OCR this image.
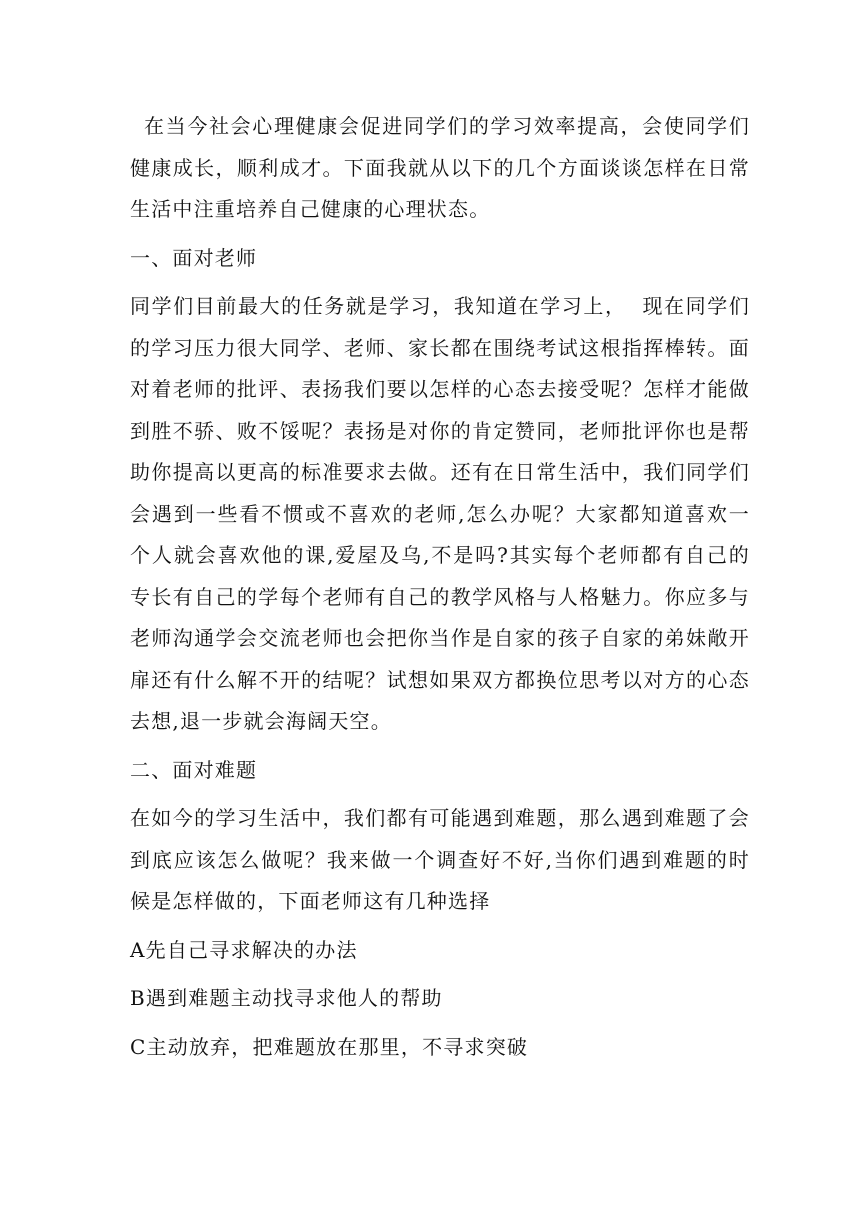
在当今社会心理健康会促进同学们的学习效率提高，会使同学们健康成长，顺利成才。下面我就从以下的几个方面谈谈怎样在日常生活中注重培养自己健康的心理状态。

一、面对老师

同学们目前最大的任务就是学习，我知道在学习上，  现在同学们的学习压力很大同学、老师、家长都在围绕考试这根指挥棒转。面对着老师的批评、表扬我们要以怎样的心态去接受呢？怎样才能做到胜不骄、败不馁呢？表扬是对你的肯定赞同，老师批评你也是帮助你提高以更高的标准要求去做。还有在日常生活中，我们同学们会遇到一些看不惯或不喜欢的老师,怎么办呢？大家都知道喜欢一个人就会喜欢他的课,爱屋及乌,不是吗?其实每个老师都有自己的专长有自己的学每个老师有自己的教学风格与人格魅力。你应多与老师沟通学会交流老师也会把你当作是自家的孩子自家的弟妹敞开扉还有什么解不开的结呢？试想如果双方都换位思考以对方的心态去想,退一步就会海阔天空。

二、面对难题

在如今的学习生活中，我们都有可能遇到难题，那么遇到难题了会到底应该怎么做呢？我来做一个调查好不好,当你们遇到难题的时候是怎样做的，下面老师这有几种选择

A先自己寻求解决的办法

B遇到难题主动找寻求他人的帮助

C主动放弃，把难题放在那里，不寻求突破
